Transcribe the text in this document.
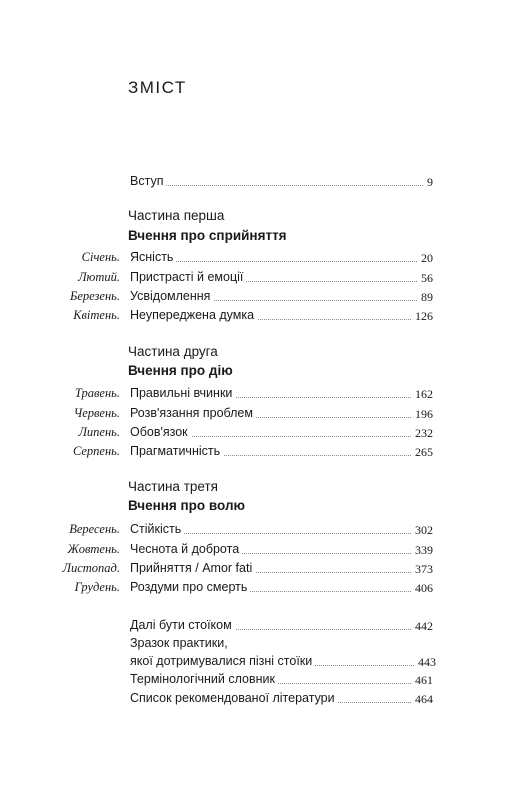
ЗМІСТ
Вступ	9
Частина перша
Вчення про сприйняття
Січень. Ясність	20
Лютий. Пристрасті й емоції	56
Березень. Усвідомлення	89
Квітень. Неупереджена думка	126
Частина друга
Вчення про дію
Травень. Правильні вчинки	162
Червень. Розв'язання проблем	196
Липень. Обов'язок	232
Серпень. Прагматичність	265
Частина третя
Вчення про волю
Вересень. Стійкість	302
Жовтень. Чеснота й доброта	339
Листопад. Прийняття / Amor fati	373
Грудень. Роздуми про смерть	406
Далі бути стоїком	442
Зразок практики,
якої дотримувалися пізні стоїки	443
Термінологічний словник	461
Список рекомендованої літератури	464
